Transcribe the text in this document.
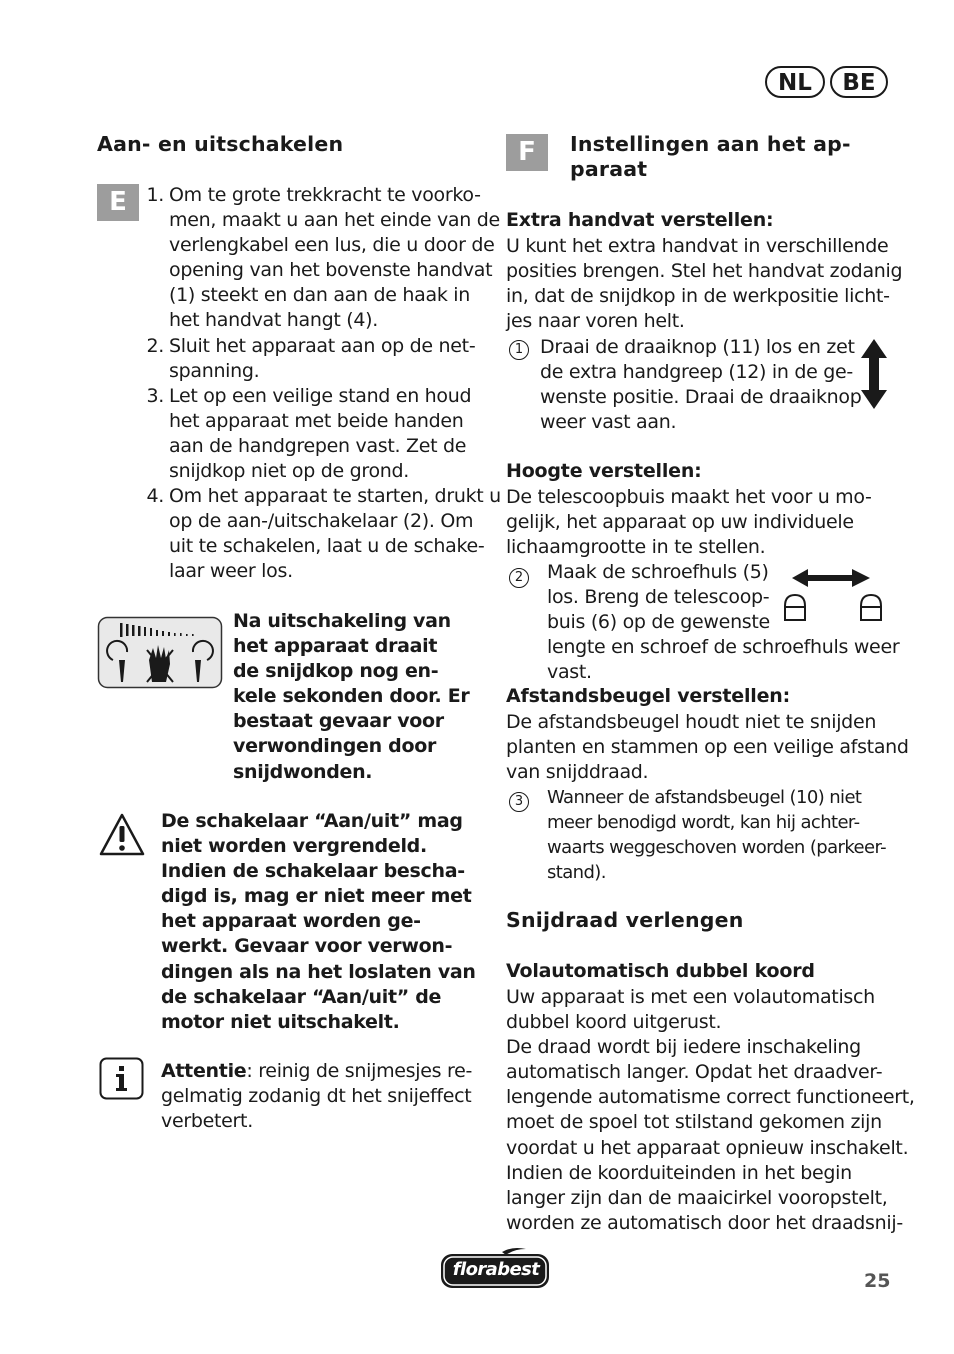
NL	BE
Aan- en uitschakelen
E	1. Om te grote trekkracht te voorko-
men, maakt u aan het einde van de
verlengkabel een lus, die u door de
opening van het bovenste handvat
(1) steekt en dan aan de haak in
het handvat hangt (4).
2. Sluit het apparaat aan op de net-
spanning.
3. Let op een veilige stand en houd
het apparaat met beide handen
aan de handgrepen vast. Zet de
snijdkop niet op de grond.
4. Om het apparaat te starten, drukt u
op de aan-/uitschakelaar (2). Om
uit te schakelen, laat u de schake-
laar weer los.
Na uitschakeling van
het apparaat draait
de snijdkop nog en-
kele sekonden door. Er
bestaat gevaar voor
verwondingen door
snijdwonden.
De schakelaar “Aan/uit” mag
niet worden vergrendeld.
Indien de schakelaar bescha-
digd is, mag er niet meer met
het apparaat worden ge-
werkt. Gevaar voor verwon-
dingen als na het loslaten van
de schakelaar “Aan/uit” de
motor niet uitschakelt.
Attentie: reinig de snijmesjes re-
gelmatig zodanig dt het snijeffect
verbetert.
F	Instellingen aan het ap-
paraat
Extra handvat verstellen:
U kunt het extra handvat in verschillende
posities brengen. Stel het handvat zodanig
in, dat de snijdkop in de werkpositie licht-
jes naar voren helt.
1 Draai de draaiknop (11) los en zet
de extra handgreep (12) in de ge-
wenste positie. Draai de draaiknop
weer vast aan.
Hoogte verstellen:
De telescoopbuis maakt het voor u mo-
gelijk, het apparaat op uw individuele
lichaamgrootte in te stellen.
2	Maak de schroefhuls (5)
los. Breng de telescoop-
buis (6) op de gewenste
lengte en schroef de schroefhuls weer
vast.
Afstandsbeugel verstellen:
De afstandsbeugel houdt niet te snijden
planten en stammen op een veilige afstand
van snijddraad.
3	Wanneer de afstandsbeugel (10) niet
meer benodigd wordt, kan hij achter-
waarts weggeschoven worden (parkeer-
stand).
Snijdraad verlengen
Volautomatisch dubbel koord
Uw apparaat is met een volautomatisch
dubbel koord uitgerust.
De draad wordt bij iedere inschakeling
automatisch langer. Opdat het draadver-
lengende automatisme correct functioneert,
moet de spoel tot stilstand gekomen zijn
voordat u het apparaat opnieuw inschakelt.
Indien de koorduiteinden in het begin
langer zijn dan de maaicirkel vooropstelt,
worden ze automatisch door het draadsnij-
florabest
25
